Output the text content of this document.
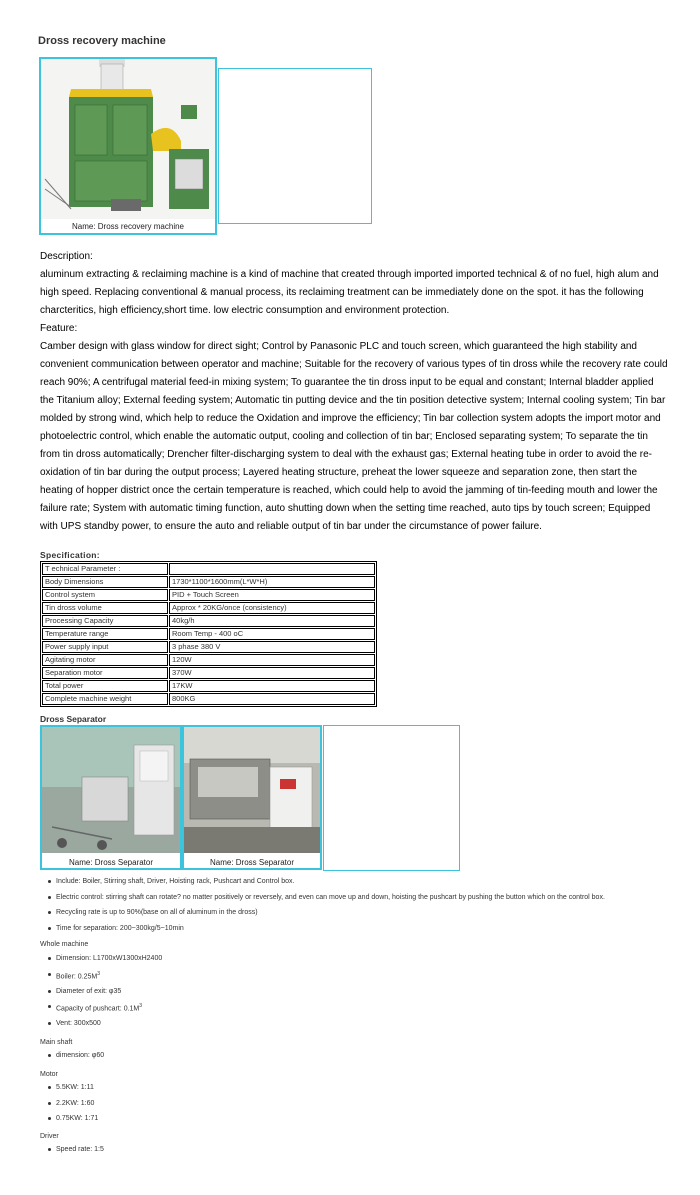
Dross recovery machine
Name: Dross recovery machine

Description:

aluminum extracting & reclaiming machine is a kind of machine that created through imported imported technical & of no fuel, high alum and high speed. Replacing conventional & manual process, its reclaiming treatment can be immediately done on the spot. it has the following charcteritics, high efficiency,short time. low electric consumption and environment protection.

Feature:

Camber design with glass window for direct sight; Control by Panasonic PLC and touch screen, which guaranteed the high stability and convenient communication between operator and machine; Suitable for the recovery of various types of tin dross while the recovery rate could reach 90%; A centrifugal material feed-in mixing system; To guarantee the tin dross input to be equal and constant; Internal bladder applied the Titanium alloy; External feeding system; Automatic tin putting device and the tin position detective system; Internal cooling system; Tin bar molded by strong wind, which help to reduce the Oxidation and improve the efficiency; Tin bar collection system adopts the import motor and photoelectric control, which enable the automatic output, cooling and collection of tin bar; Enclosed separating system; To separate the tin from tin dross automatically; Drencher filter-discharging system to deal with the exhaust gas; External heating tube in order to avoid the re-oxidation of tin bar during the output process; Layered heating structure, preheat the lower squeeze and separation zone, then start the heating of hopper district once the certain temperature is reached, which could help to avoid the jamming of tin-feeding mouth and lower the failure rate; System with automatic timing function, auto shutting down when the setting time reached, auto tips by touch screen; Equipped with UPS standby power, to ensure the auto and reliable output of tin bar under the circumstance of power failure.

Specification:
T echnical Parameter :	
Body Dimensions	1730*1100*1600mm(L*W*H)
Control system	PID + Touch Screen
Tin dross volume	Approx * 20KG/once (consistency)
Processing Capacity	40kg/h
Temperature range	Room Temp - 400 oC
Power supply input	3 phase 380 V
Agitating motor	120W
Separation motor	370W
Total power	17KW
Complete machine weight	800KG
Dross Separator
Name: Dross Separator	Name: Dross Separator
Include: Boiler, Stirring shaft, Driver, Hoisting rack, Pushcart and Control box.
Electric control: stirring shaft can rotate? no matter positively or reversely, and even can move up and down, hoisting the pushcart by pushing the button which on the control box.
Recycling rate is up to 90%(base on all of aluminum in the dross)
Time for separation: 200~300kg/5~10min
Whole machine
Dimension: L1700xW1300xH2400
Boiler: $0.25M^3$
Diameter of exit: φ35
Capacity of pushcart: $0.1M^3$
Vent: 300x500
Main shaft
dimension: φ60
Motor
5.5KW: 1:11
2.2KW: 1:60
0.75KW: 1:71
Driver
Speed rate: 1:5
